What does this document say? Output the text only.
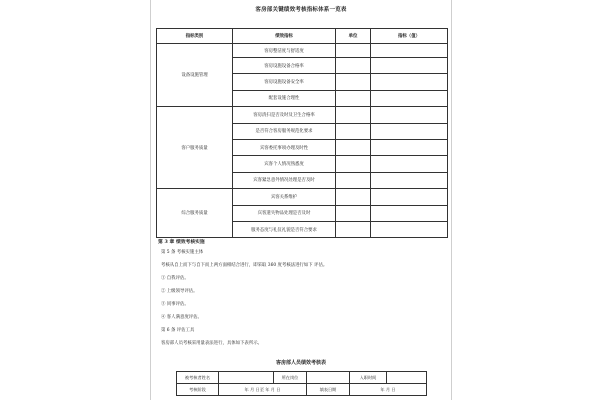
客房部关键绩效考核指标体系一览表
指标类别	绩效指标	单位	指标（值）
设备设施管理	客房整洁度与舒适度		
	客房设施设备合格率		
	客房设施设备安全率		
	配套设施合理性		
客户服务质量	客房清扫是否及时及卫生合格率		
	是否符合客房服务规范化要求		
	宾客委托事项办理及时性		
	宾客个人情况熟悉度		
	宾客紧急意外情况处理是否及时		
综合服务质量	宾客关系维护		
	宾客遗失物品处理是否及时		
	服务态度与礼仪礼貌是否符合要求		
第 3 章 绩效考核实施
第 5 条 考核实施主体
考核从自上而下与自下而上两方面相结合进行，即采取 360 度考核法进行如下 评估。
① 自我评估。
② 上级领导评估。
③ 同事评估。
④ 客人满意度评估。
第 6 条 评估工具
客房部人员考核采用量表法进行，具体如下表所示。
客房部人员绩效考核表
被考核者姓名		所在岗位		入职时间	
考核阶段	年 月 日至 年 月 日		填表日期	年 月 日	
